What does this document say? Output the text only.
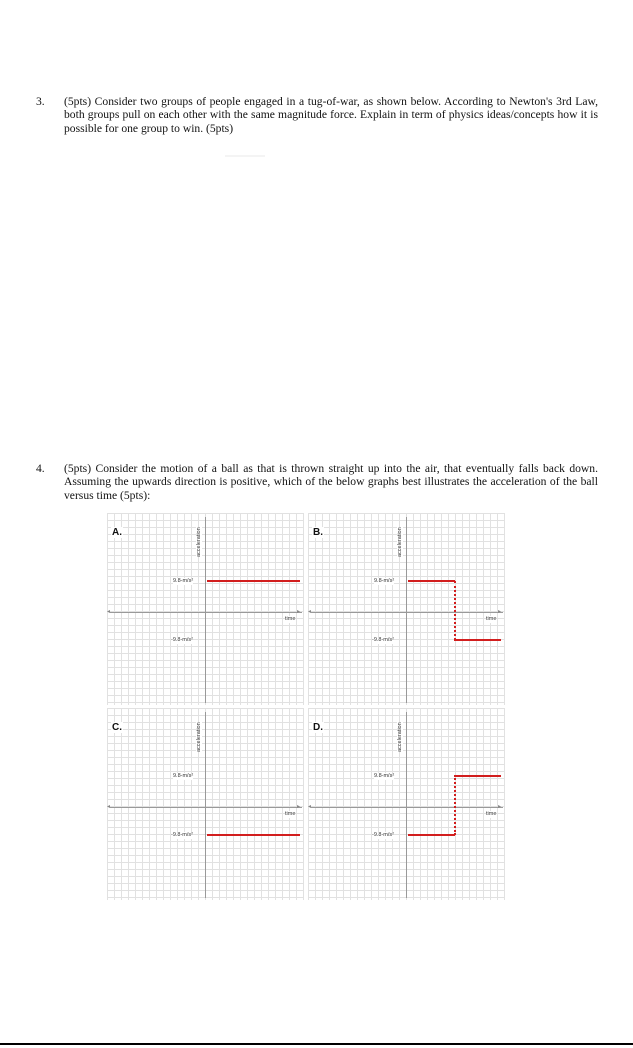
3. (5pts) Consider two groups of people engaged in a tug-of-war, as shown below. According to Newton's 3rd Law, both groups pull on each other with the same magnitude force. Explain in term of physics ideas/concepts how it is possible for one group to win. (5pts)
4. (5pts) Consider the motion of a ball as that is thrown straight up into the air, that eventually falls back down. Assuming the upwards direction is positive, which of the below graphs best illustrates the acceleration of the ball versus time (5pts):
◂	▸
A.	acceleration
9.8-m/s²
-9.8-m/s²
time
◂	▸
B.	acceleration
9.8-m/s²
-9.8-m/s²
time
◂	▸
C.	acceleration
9.8-m/s²
-9.8-m/s²
time
◂	▸
D.	acceleration
9.8-m/s²
-9.8-m/s²
time
